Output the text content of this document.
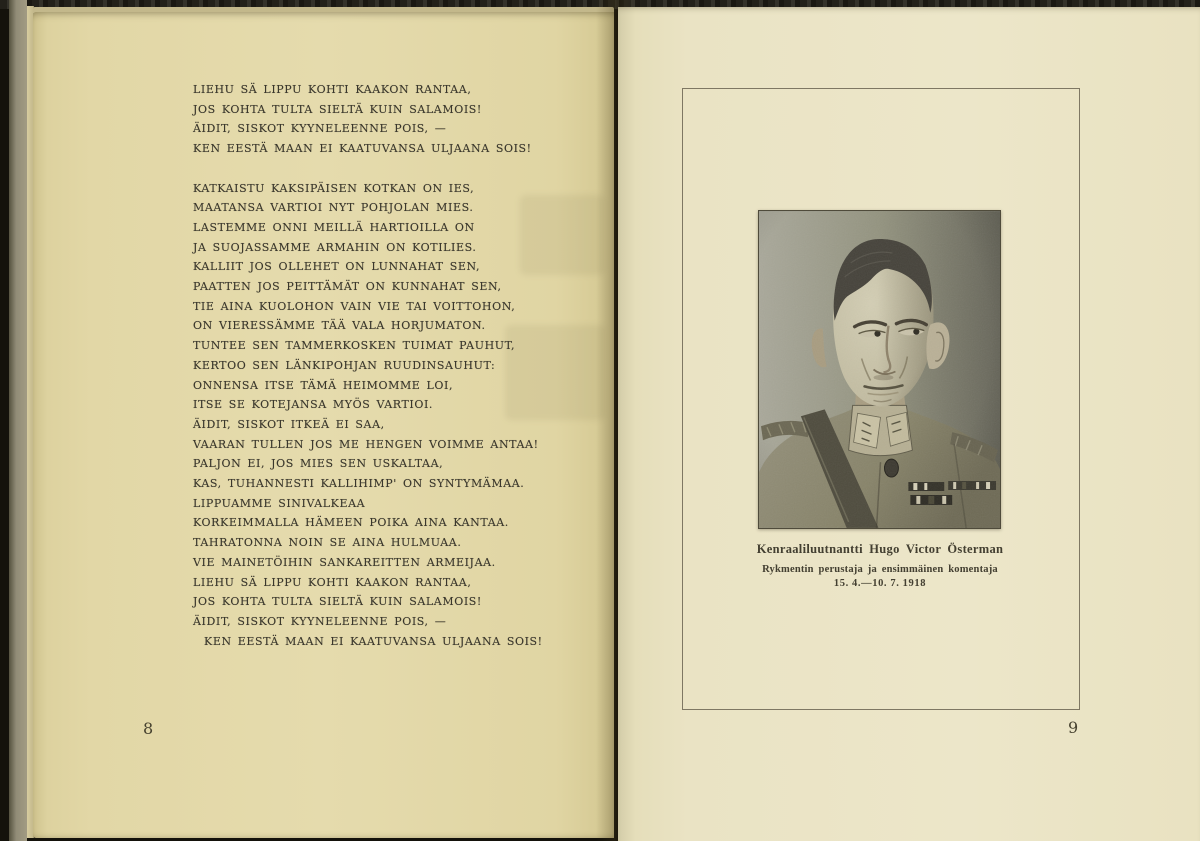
LIEHU SÄ LIPPU KOHTI KAAKON RANTAA,
JOS KOHTA TULTA SIELTÄ KUIN SALAMOIS!
ÄIDIT, SISKOT KYYNELEENNE POIS, —
KEN EESTÄ MAAN EI KAATUVANSA ULJAANA SOIS!
KATKAISTU KAKSIPÄISEN KOTKAN ON IES,
MAATANSA VARTIOI NYT POHJOLAN MIES.
LASTEMME ONNI MEILLÄ HARTIOILLA ON
JA SUOJASSAMME ARMAHIN ON KOTILIES.
KALLIIT JOS OLLEHET ON LUNNAHAT SEN,
PAATTEN JOS PEITTÄMÄT ON KUNNAHAT SEN,
TIE AINA KUOLOHON VAIN VIE TAI VOITTOHON,
ON VIERESSÄMME TÄÄ VALA HORJUMATON.
TUNTEE SEN TAMMERKOSKEN TUIMAT PAUHUT,
KERTOO SEN LÄNKIPOHJAN RUUDINSAUHUT:
ONNENSA ITSE TÄMÄ HEIMOMME LOI,
ITSE SE KOTEJANSA MYÖS VARTIOI.
ÄIDIT, SISKOT ITKEÄ EI SAA,
VAARAN TULLEN JOS ME HENGEN VOIMME ANTAA!
PALJON EI, JOS MIES SEN USKALTAA,
KAS, TUHANNESTI KALLIHIMP' ON SYNTYMÄMAA.
LIPPUAMME SINIVALKEAA
KORKEIMMALLA HÄMEEN POIKA AINA KANTAA.
TAHRATONNA NOIN SE AINA HULMUAA.
VIE MAINETÖIHIN SANKAREITTEN ARMEIJAA.
LIEHU SÄ LIPPU KOHTI KAAKON RANTAA,
JOS KOHTA TULTA SIELTÄ KUIN SALAMOIS!
ÄIDIT, SISKOT KYYNELEENNE POIS, —
KEN EESTÄ MAAN EI KAATUVANSA ULJAANA SOIS!
8
Kenraaliluutnantti Hugo Victor Österman
Rykmentin perustaja ja ensimmäinen komentaja
15. 4.—10. 7. 1918
9
